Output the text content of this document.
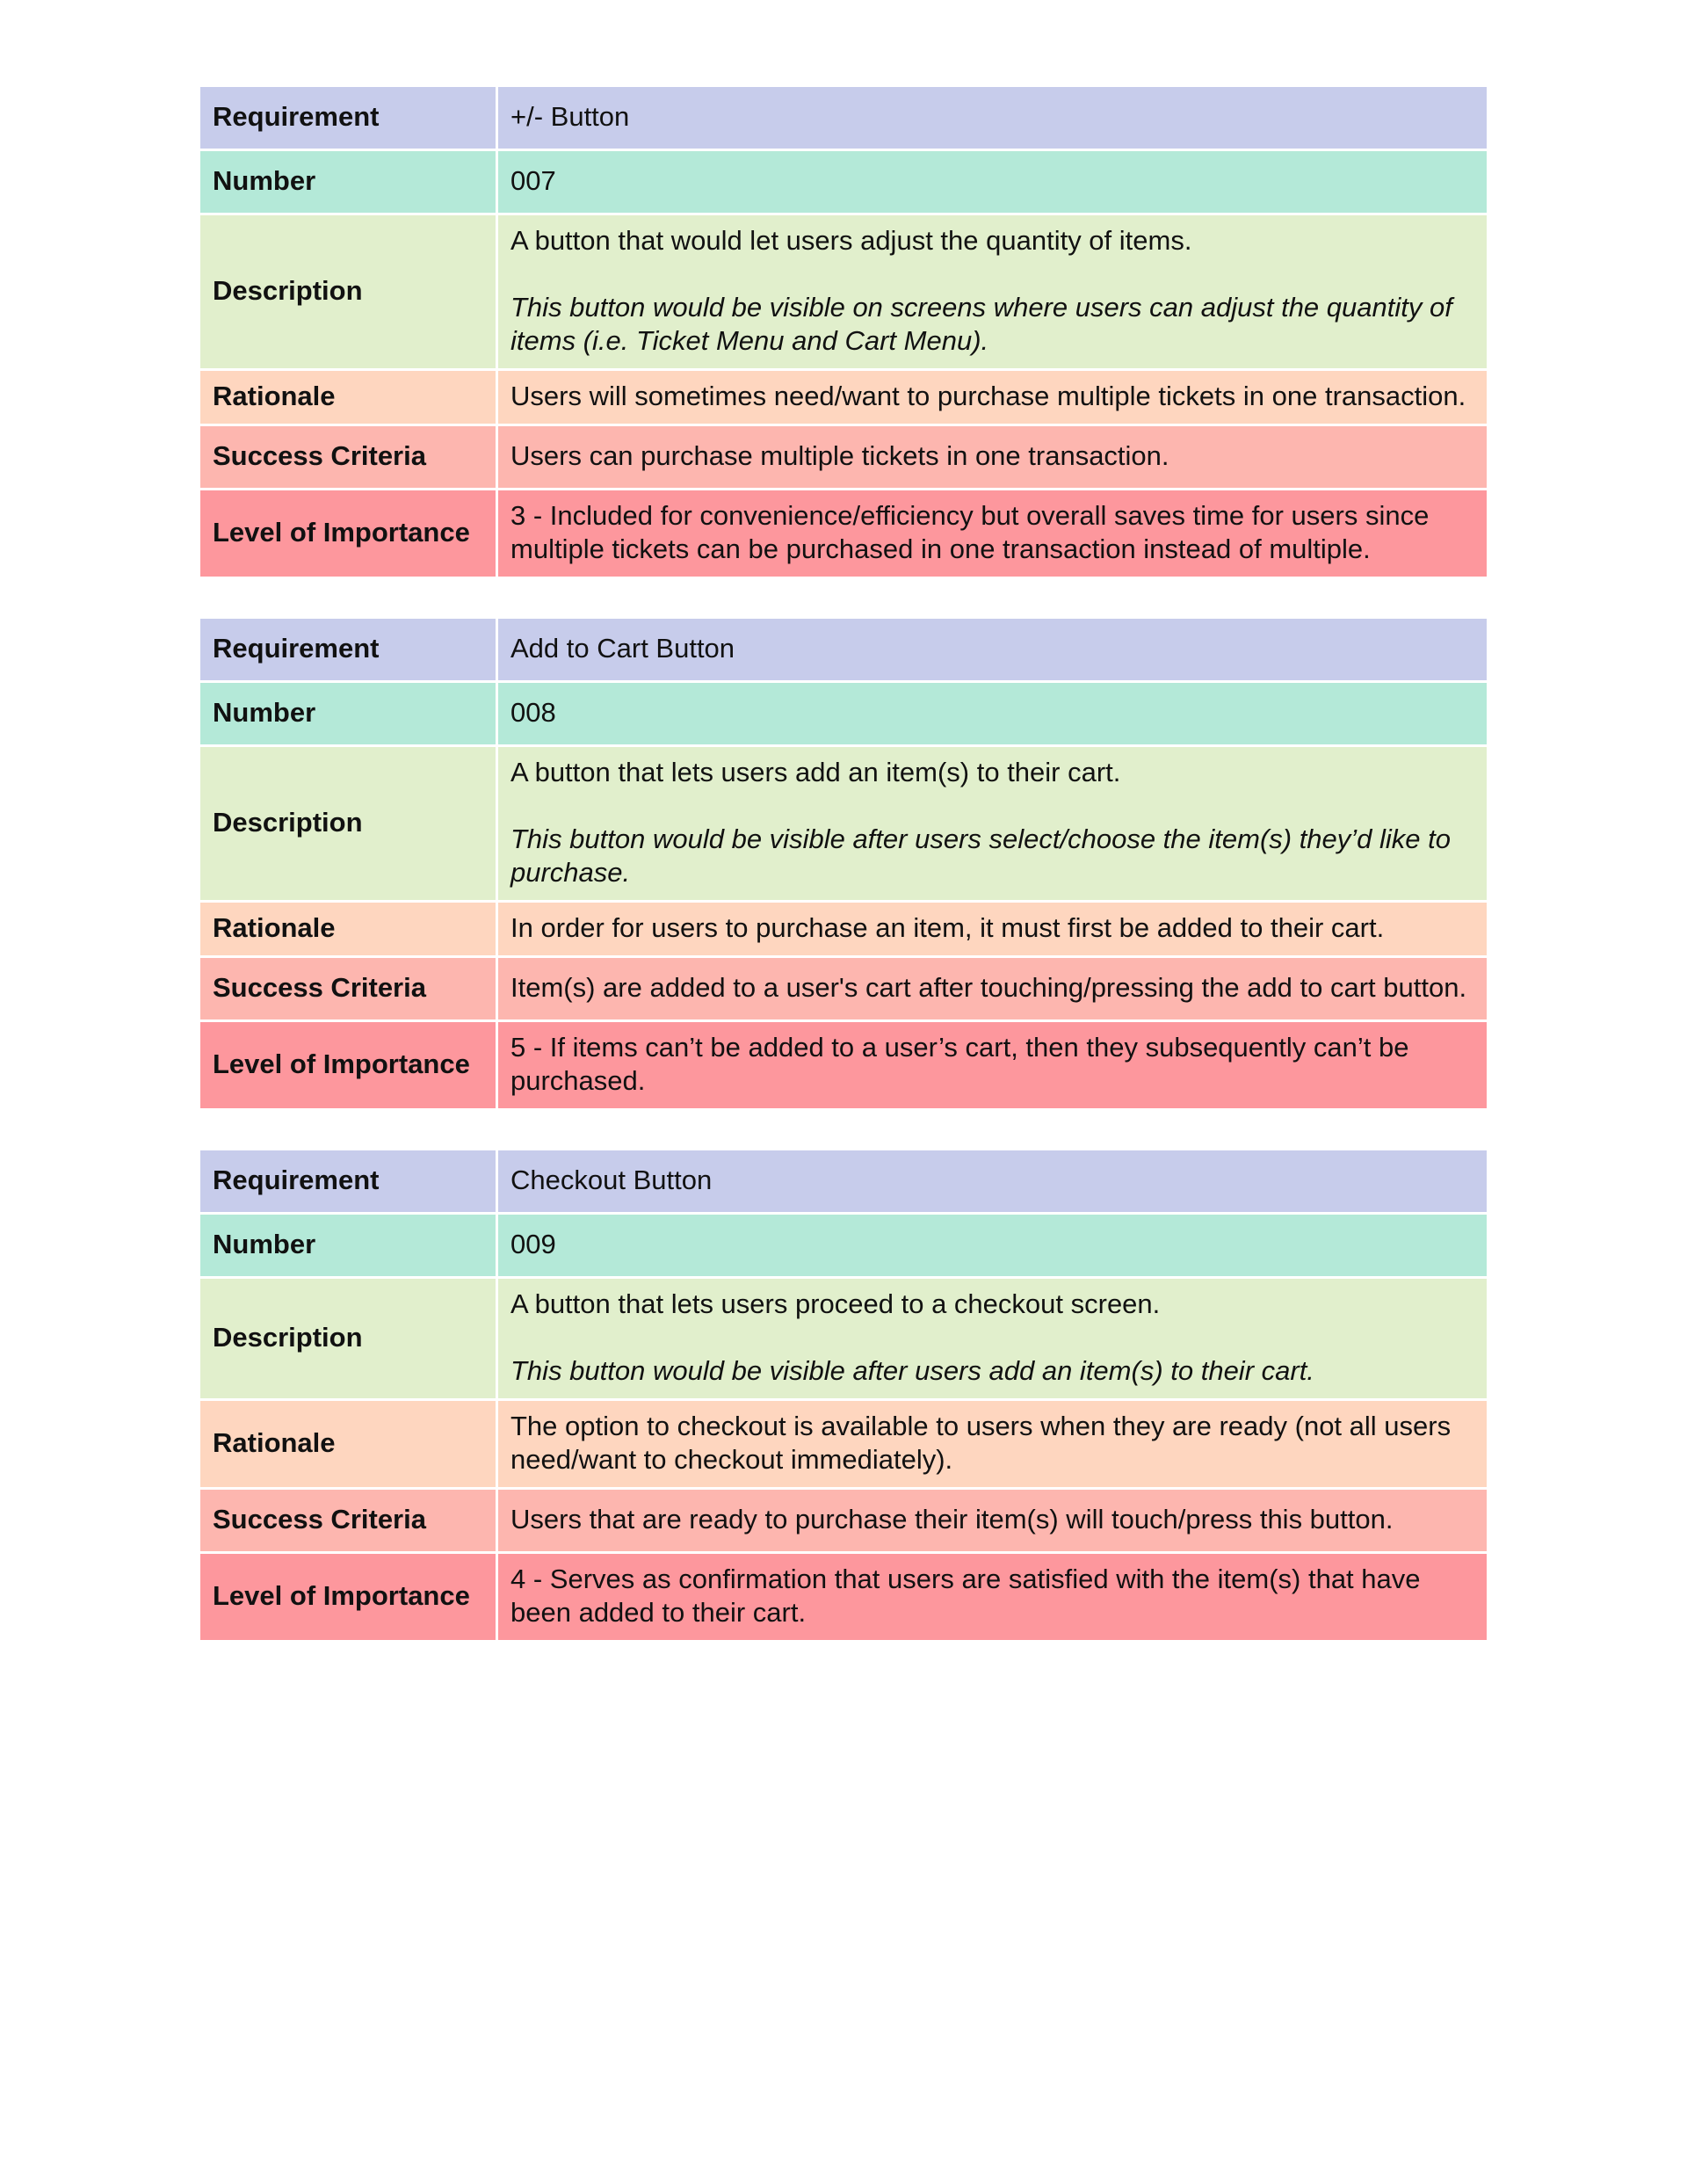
Requirement	+/- Button
Number	007
Description	A button that would let users adjust the quantity of items.

This button would be visible on screens where users can adjust the quantity of items (i.e. Ticket Menu and Cart Menu).

Rationale	Users will sometimes need/want to purchase multiple tickets in one transaction.
Success Criteria	Users can purchase multiple tickets in one transaction.
Level of Importance	3 - Included for convenience/efficiency but overall saves time for users since multiple tickets can be purchased in one transaction instead of multiple.
Requirement	Add to Cart Button
Number	008
Description	A button that lets users add an item(s) to their cart.

This button would be visible after users select/choose the item(s) they’d like to purchase.

Rationale	In order for users to purchase an item, it must first be added to their cart.
Success Criteria	Item(s) are added to a user's cart after touching/pressing the add to cart button.
Level of Importance	5 - If items can’t be added to a user’s cart, then they subsequently can’t be purchased.
Requirement	Checkout Button
Number	009
Description	A button that lets users proceed to a checkout screen.

This button would be visible after users add an item(s) to their cart.

Rationale	The option to checkout is available to users when they are ready (not all users need/want to checkout immediately).
Success Criteria	Users that are ready to purchase their item(s) will touch/press this button.
Level of Importance	4 - Serves as confirmation that users are satisfied with the item(s) that have been added to their cart.
